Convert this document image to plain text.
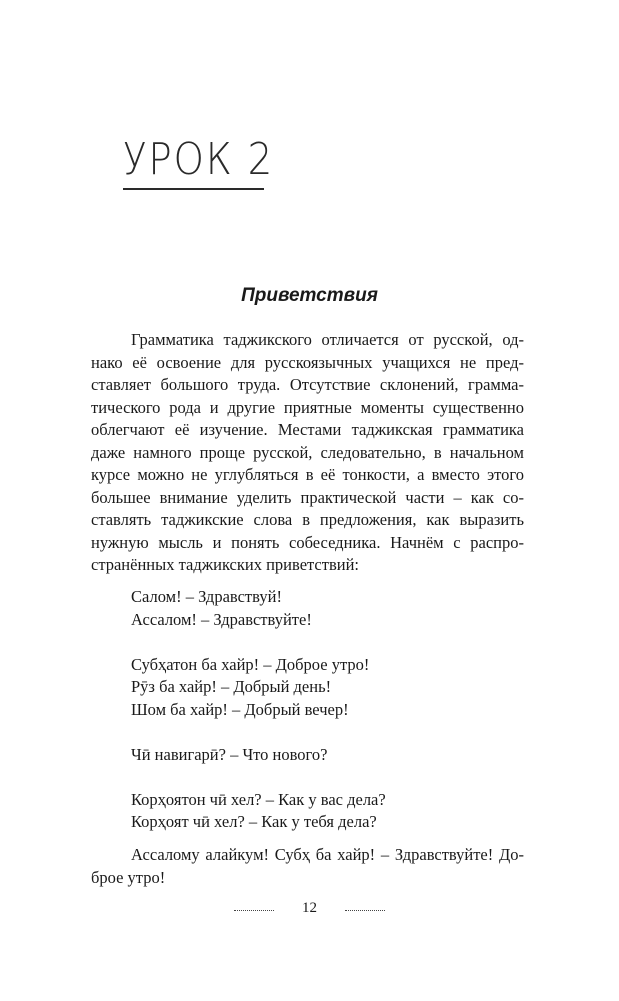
УРОК 2
Приветствия
Грамматика таджикского отличается от русской, од-
нако её освоение для русскоязычных учащихся не пред-
ставляет большого труда. Отсутствие склонений, грамма-
тического рода и другие приятные моменты существенно
облегчают её изучение. Местами таджикская грамматика
даже намного проще русской, следовательно, в начальном
курсе можно не углубляться в её тонкости, а вместо этого
большее внимание уделить практической части – как со-
ставлять таджикские слова в предложения, как выразить
нужную мысль и понять собеседника. Начнём с распро-
странённых таджикских приветствий:
Салом! – Здравствуй!
Ассалом! – Здравствуйте!
Субҳатон ба хайр! – Доброе утро!
Рӯз ба хайр! – Добрый день!
Шом ба хайр! – Добрый вечер!
Чӣ навигарӣ? – Что нового?
Корҳоятон чӣ хел? – Как у вас дела?
Корҳоят чӣ хел? – Как у тебя дела?
Ассалому алайкум! Субҳ ба хайр! – Здравствуйте! До-
брое утро!
12
